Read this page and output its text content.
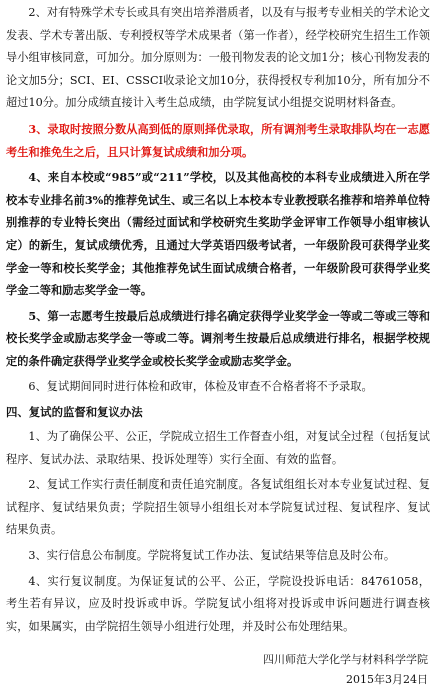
2、对有特殊学术专长或具有突出培养潜质者，以及有与报考专业相关的学术论文发表、学术专著出版、专利授权等学术成果者（第一作者），经学校研究生招生工作领导小组审核同意，可加分。加分原则为：一般刊物发表的论文加1分；核心刊物发表的论文加5分；SCI、EI、CSSCI收录论文加10分，获得授权专利加10分，所有加分不超过10分。加分成绩直接计入考生总成绩，由学院复试小组提交说明材料备查。

3、录取时按照分数从高到低的原则择优录取，所有调剂考生录取排队均在一志愿考生和推免生之后，且只计算复试成绩和加分项。

4、来自本校或“985”或“211”学校，以及其他高校的本科专业成绩进入所在学校本专业排名前3%的推荐免试生、或三名以上本校本专业教授联名推荐和培养单位特别推荐的专业特长突出（需经过面试和学校研究生奖助学金评审工作领导小组审核认定）的新生，复试成绩优秀，且通过大学英语四级考试者，一年级阶段可获得学业奖学金一等和校长奖学金；其他推荐免试生面试成绩合格者，一年级阶段可获得学业奖学金二等和励志奖学金一等。

5、第一志愿考生按最后总成绩进行排名确定获得学业奖学金一等或二等或三等和校长奖学金或励志奖学金一等或二等。调剂考生按最后总成绩进行排名，根据学校规定的条件确定获得学业奖学金或校长奖学金或励志奖学金。

6、复试期间同时进行体检和政审，体检及审查不合格者将不予录取。

四、复试的监督和复议办法

1、为了确保公平、公正，学院成立招生工作督查小组，对复试全过程（包括复试程序、复试办法、录取结果、投诉处理等）实行全面、有效的监督。

2、复试工作实行责任制度和责任追究制度。各复试组组长对本专业复试过程、复试程序、复试结果负责；学院招生领导小组组长对本学院复试过程、复试程序、复试结果负责。

3、实行信息公布制度。学院将复试工作办法、复试结果等信息及时公布。

4、实行复议制度。为保证复试的公平、公正，学院设投诉电话：84761058，考生若有异议，应及时投诉或申诉。学院复试小组将对投诉或申诉问题进行调查核实，如果属实，由学院招生领导小组进行处理，并及时公布处理结果。

四川师范大学化学与材料科学学院
2015年3月24日
